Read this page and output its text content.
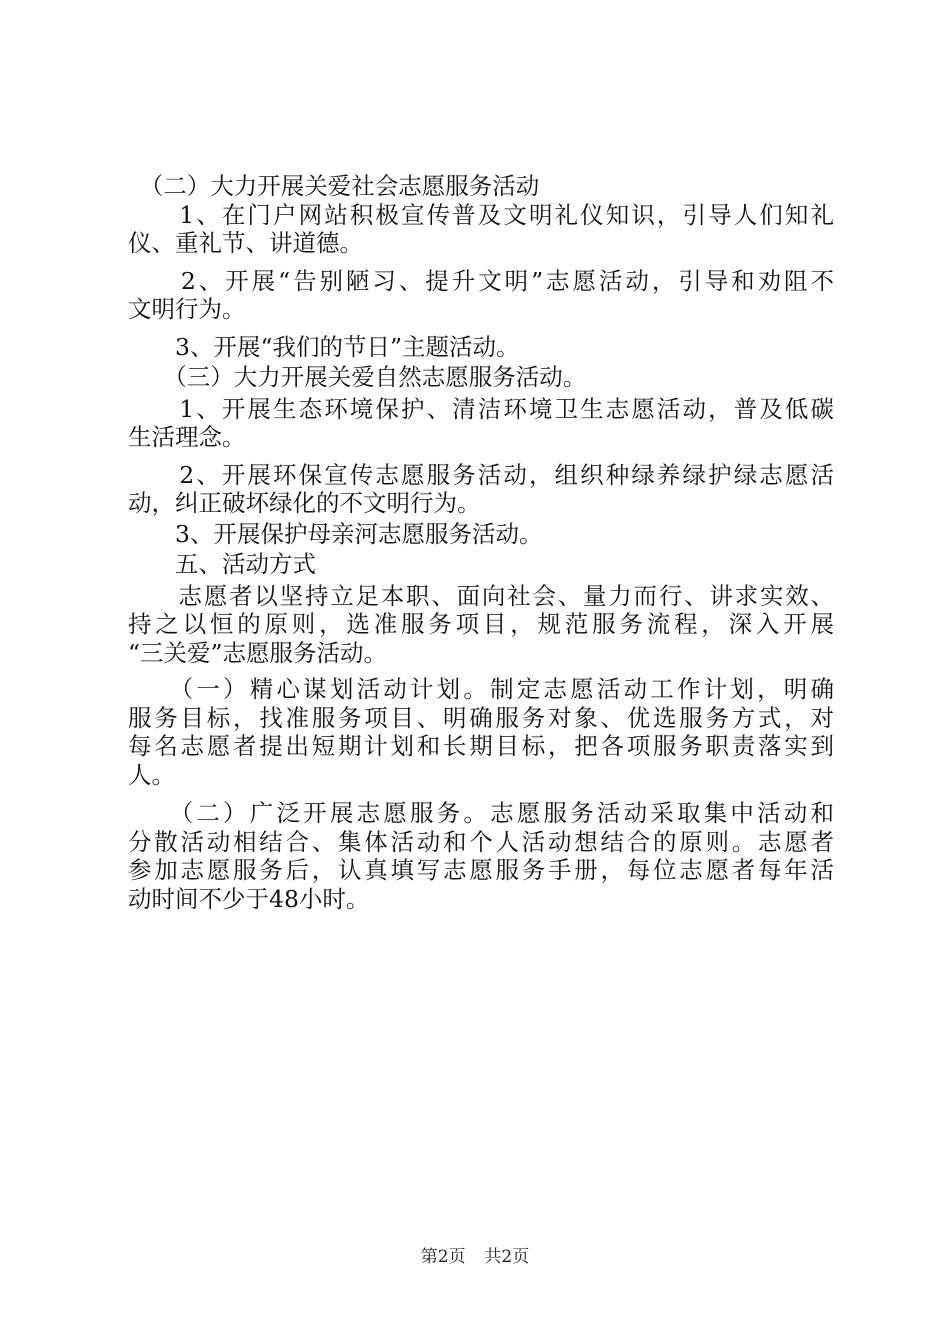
　（二）大力开展关爱社会志愿服务活动

　　1、在门户网站积极宣传普及文明礼仪知识，引导人们知礼

仪、重礼节、讲道德。

　　2、开展“告别陋习、提升文明”志愿活动，引导和劝阻不

文明行为。

　　3、开展“我们的节日”主题活动。

　　（三）大力开展关爱自然志愿服务活动。

　　1、开展生态环境保护、清洁环境卫生志愿活动，普及低碳

生活理念。

　　2、开展环保宣传志愿服务活动，组织种绿养绿护绿志愿活

动，纠正破坏绿化的不文明行为。

　　3、开展保护母亲河志愿服务活动。

　　五、活动方式

　　志愿者以坚持立足本职、面向社会、量力而行、讲求实效、

持之以恒的原则，选准服务项目，规范服务流程，深入开展

“三关爱”志愿服务活动。

　　（一）精心谋划活动计划。制定志愿活动工作计划，明确

服务目标，找准服务项目、明确服务对象、优选服务方式，对

每名志愿者提出短期计划和长期目标，把各项服务职责落实到

人。

　　（二）广泛开展志愿服务。志愿服务活动采取集中活动和

分散活动相结合、集体活动和个人活动想结合的原则。志愿者

参加志愿服务后，认真填写志愿服务手册，每位志愿者每年活

动时间不少于48小时。

第2页 共2页
